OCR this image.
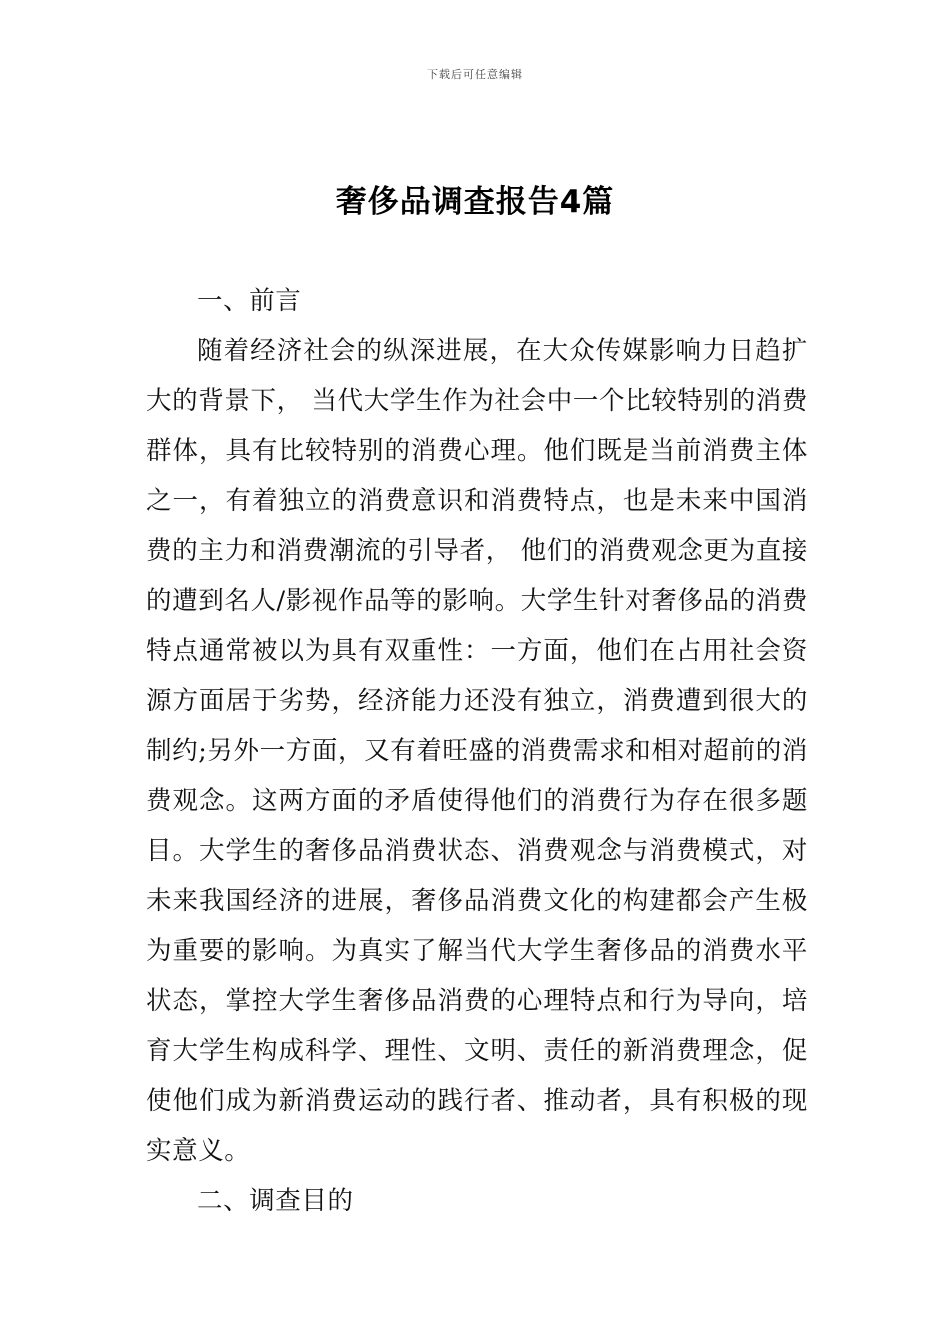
下载后可任意编辑
奢侈品调查报告4篇

一、前言

随着经济社会的纵深进展，在大众传媒影响力日趋扩大的背景下， 当代大学生作为社会中一个比较特别的消费群体，具有比较特别的消费心理。他们既是当前消费主体之一，有着独立的消费意识和消费特点，也是未来中国消费的主力和消费潮流的引导者， 他们的消费观念更为直接的遭到名人/影视作品等的影响。大学生针对奢侈品的消费特点通常被以为具有双重性：一方面，他们在占用社会资源方面居于劣势，经济能力还没有独立，消费遭到很大的制约;另外一方面，又有着旺盛的消费需求和相对超前的消费观念。这两方面的矛盾使得他们的消费行为存在很多题目。大学生的奢侈品消费状态、消费观念与消费模式，对未来我国经济的进展，奢侈品消费文化的构建都会产生极为重要的影响。为真实了解当代大学生奢侈品的消费水平状态，掌控大学生奢侈品消费的心理特点和行为导向，培育大学生构成科学、理性、文明、责任的新消费理念，促使他们成为新消费运动的践行者、推动者，具有积极的现实意义。

二、调查目的
